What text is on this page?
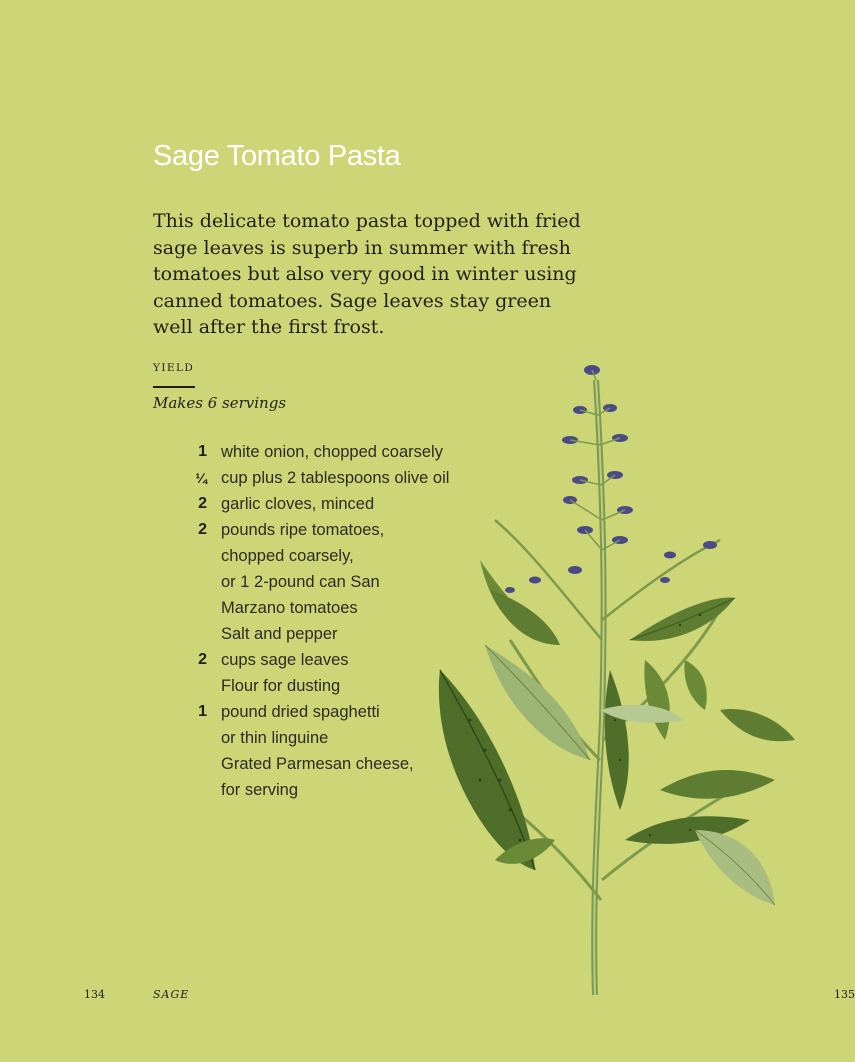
Sage Tomato Pasta
This delicate tomato pasta topped with fried sage leaves is superb in summer with fresh tomatoes but also very good in winter using canned tomatoes. Sage leaves stay green well after the first frost.
YIELD
Makes 6 servings
1 white onion, chopped coarsely
¼ cup plus 2 tablespoons olive oil
2 garlic cloves, minced
2 pounds ripe tomatoes,
chopped coarsely,
or 1 2-pound can San
Marzano tomatoes
Salt and pepper
2 cups sage leaves
Flour for dusting
1 pound dried spaghetti
or thin linguine
Grated Parmesan cheese,
for serving
134	SAGE	135
